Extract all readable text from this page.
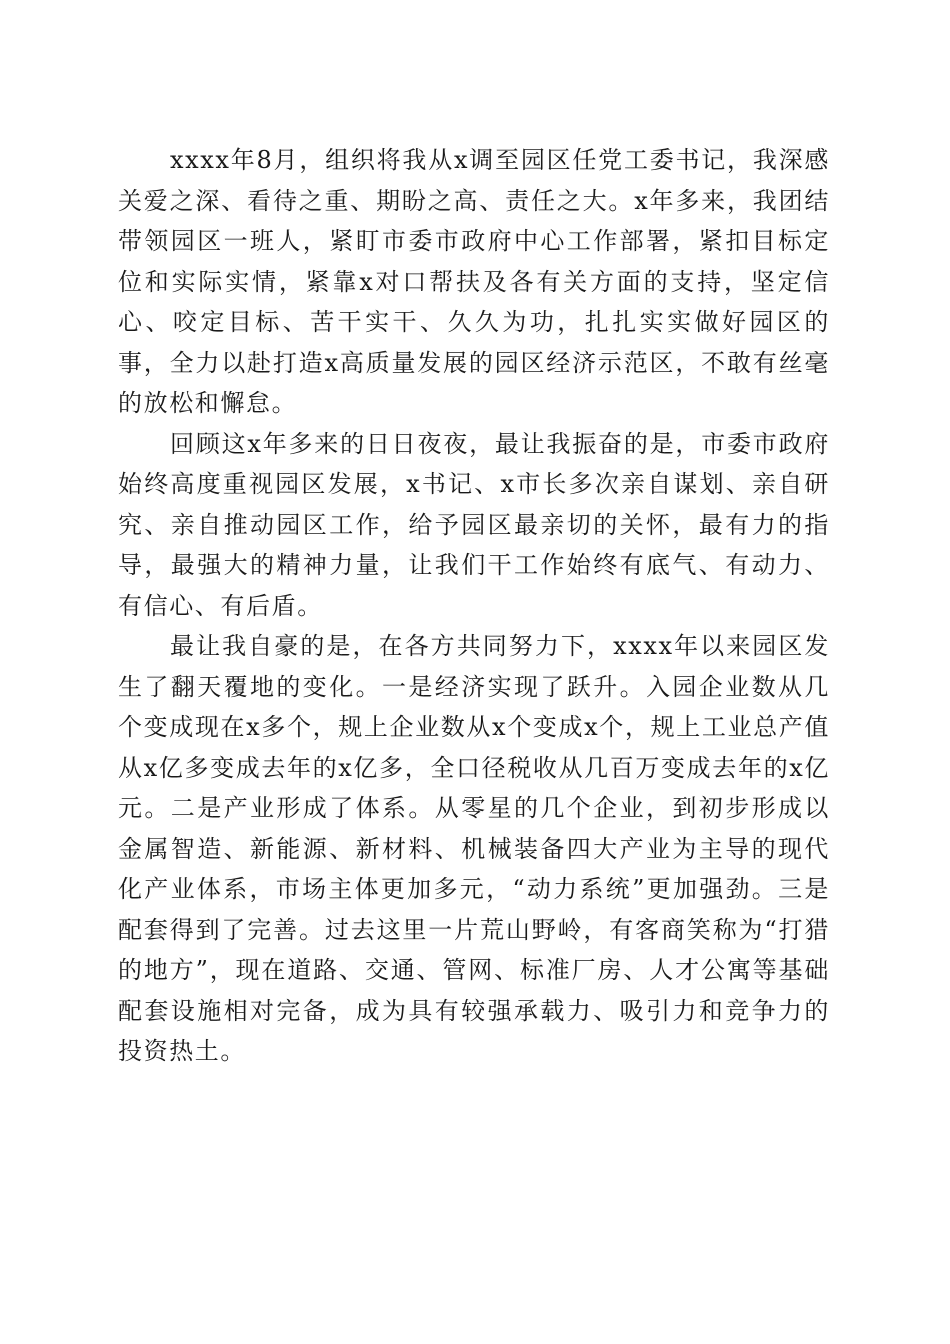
xxxx年8月，组织将我从x调至园区任党工委书记，我深感关爱之深、看待之重、期盼之高、责任之大。x年多来，我团结带领园区一班人，紧盯市委市政府中心工作部署，紧扣目标定位和实际实情，紧靠x对口帮扶及各有关方面的支持，坚定信心、咬定目标、苦干实干、久久为功，扎扎实实做好园区的事，全力以赴打造x高质量发展的园区经济示范区，不敢有丝毫的放松和懈怠。

回顾这x年多来的日日夜夜，最让我振奋的是，市委市政府始终高度重视园区发展，x书记、x市长多次亲自谋划、亲自研究、亲自推动园区工作，给予园区最亲切的关怀，最有力的指导，最强大的精神力量，让我们干工作始终有底气、有动力、有信心、有后盾。

最让我自豪的是，在各方共同努力下，xxxx年以来园区发生了翻天覆地的变化。一是经济实现了跃升。入园企业数从几个变成现在x多个，规上企业数从x个变成x个，规上工业总产值从x亿多变成去年的x亿多，全口径税收从几百万变成去年的x亿元。二是产业形成了体系。从零星的几个企业，到初步形成以金属智造、新能源、新材料、机械装备四大产业为主导的现代化产业体系，市场主体更加多元，“动力系统”更加强劲。三是配套得到了完善。过去这里一片荒山野岭，有客商笑称为“打猎的地方”，现在道路、交通、管网、标准厂房、人才公寓等基础配套设施相对完备，成为具有较强承载力、吸引力和竞争力的投资热土。
